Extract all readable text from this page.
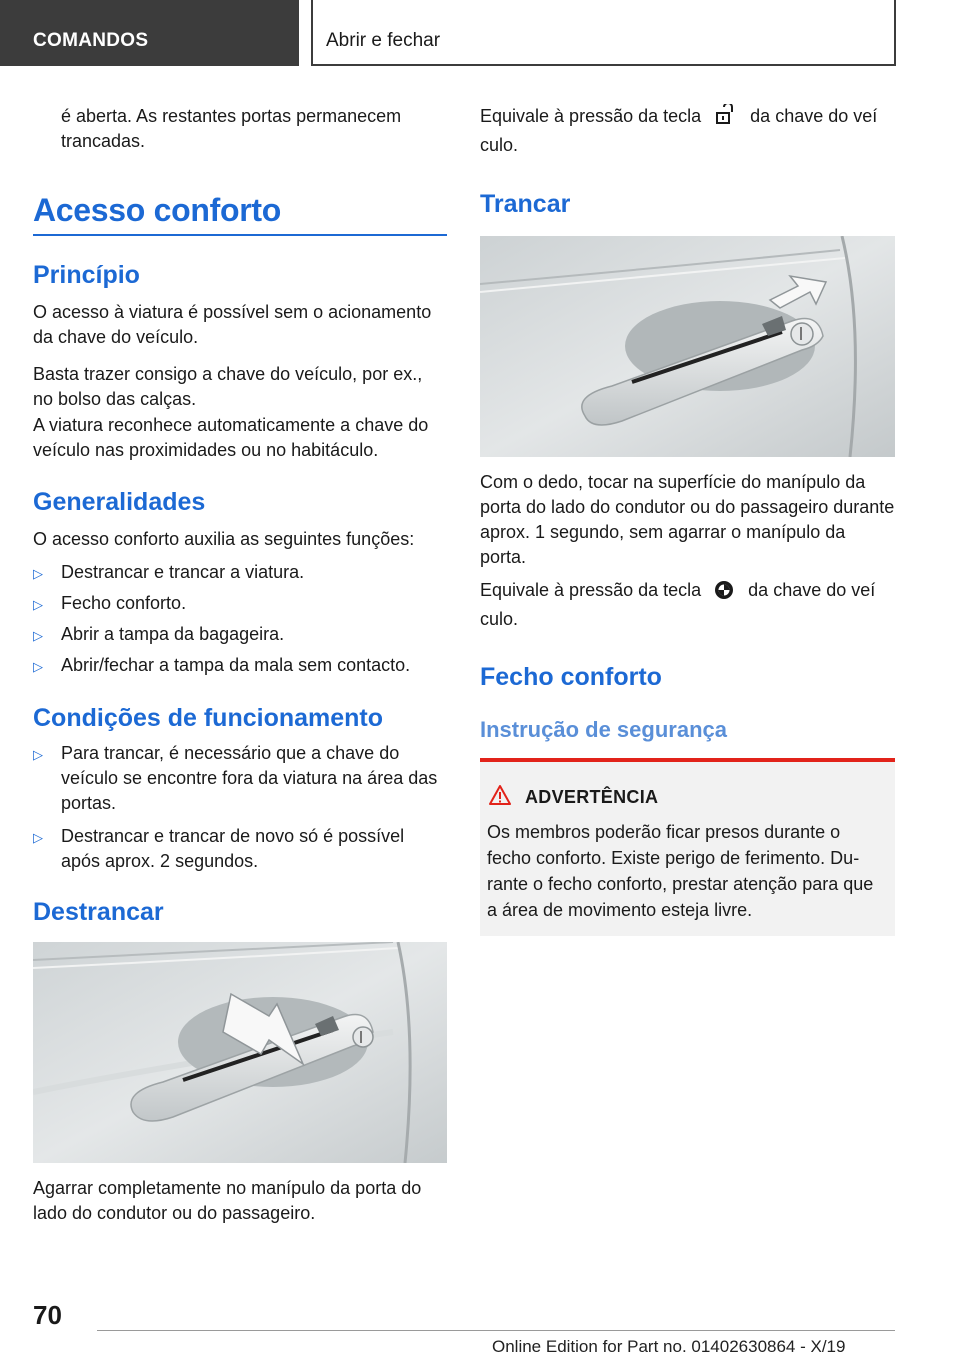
COMANDOS	Abrir e fechar
é aberta. As restantes portas permanecem trancadas.
Acesso conforto
Princípio
O acesso à viatura é possível sem o acionamento da chave do veículo.
Basta trazer consigo a chave do veículo, por ex., no bolso das calças.
A viatura reconhece automaticamente a chave do veículo nas proximidades ou no habitáculo.
Generalidades
O acesso conforto auxilia as seguintes funções:
▷ Destrancar e trancar a viatura.
▷ Fecho conforto.
▷ Abrir a tampa da bagageira.
▷ Abrir/fechar a tampa da mala sem contacto.
Condições de funcionamento
▷ Para trancar, é necessário que a chave do veículo se encontre fora da viatura na área das portas.
▷ Destrancar e trancar de novo só é possível após aprox. 2 segundos.
Destrancar
Agarrar completamente no manípulo da porta do lado do condutor ou do passageiro.
Equivale à pressão da tecla	da chave do veí
culo.
Trancar
Com o dedo, tocar na superfície do manípulo da porta do lado do condutor ou do passageiro durante aprox. 1 segundo, sem agarrar o manípulo da porta.
Equivale à pressão da tecla	da chave do veí
culo.
Fecho conforto
Instrução de segurança
ADVERTÊNCIA
Os membros poderão ficar presos durante o fecho conforto. Existe perigo de ferimento. Durante o fecho conforto, prestar atenção para que a área de movimento esteja livre.
70
Online Edition for Part no. 01402630864 - X/19
